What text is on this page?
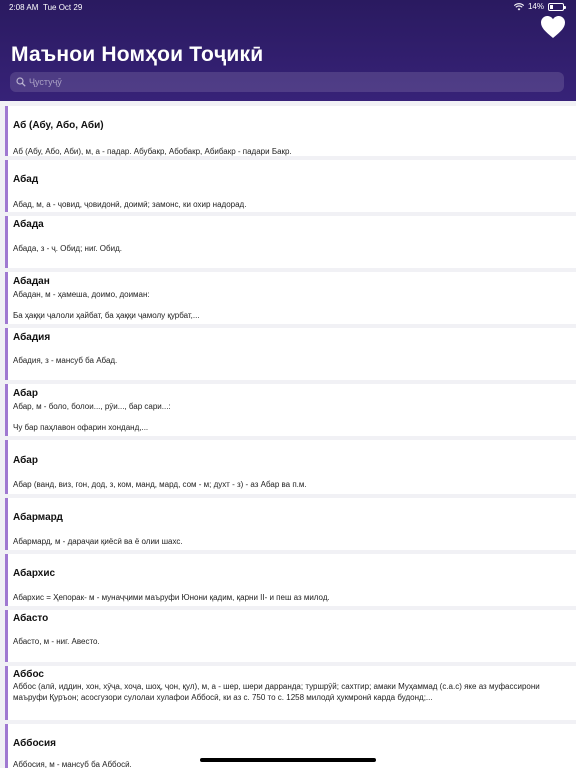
2:08 AM Tue Oct 29	14%
Маънои Номҳои Тоҷикӣ
Ҷустуҷӯ
Аб (Абу, Або, Аби)
Аб (Абу, Або, Аби), м, а - падар. Абубакр, Абобакр, Абибакр - падари Бакр.
Абад
Абад, м, а - ҷовид, ҷовидонӣ, доимӣ; замонс, ки охир надорад.
Абада
Абада, з - ҷ. Обид; ниг. Обид.
Абадан
Абадан, м - ҳамеша, доимо, доиман:
Ба ҳаққи ҷалоли ҳайбат, ба ҳаққи ҷамолу қурбат,...
Абадия
Абадия, з - мансуб ба Абад.
Абар
Абар, м - боло, болои..., рӯи..., бар сари...:
Чу бар паҳлавон офарин хонданд,...
Абар
Абар (ванд, виз, гон, дод, з, ком, манд, мард, сом - м; духт - з) - аз Абар ва п.м.
Абармард
Абармард, м - дараҷаи қиёсӣ ва ё олии шахс.
Абархис
Абархис = Ҳепорак- м - мунаҷҷими маъруфи Юнони қадим, қарни II- и пеш аз милод.
Абасто
Абасто, м - ниг. Авесто.
Аббос
Аббос (алӣ, иддин, хон, хӯҷа, хоҷа, шоҳ, ҷон, қул), м, а - шер, шери дарранда; туршрӯй; сахтгир; амаки Муҳаммад (с.а.с) яке аз муфассирони маъруфи Қуръон; асосгузори сулолаи хулафои Аббосӣ, ки аз с. 750 то с. 1258 милодӣ ҳукмронӣ карда будонд;...
Аббосия
Аббосия, м - мансуб ба Аббосӣ.
